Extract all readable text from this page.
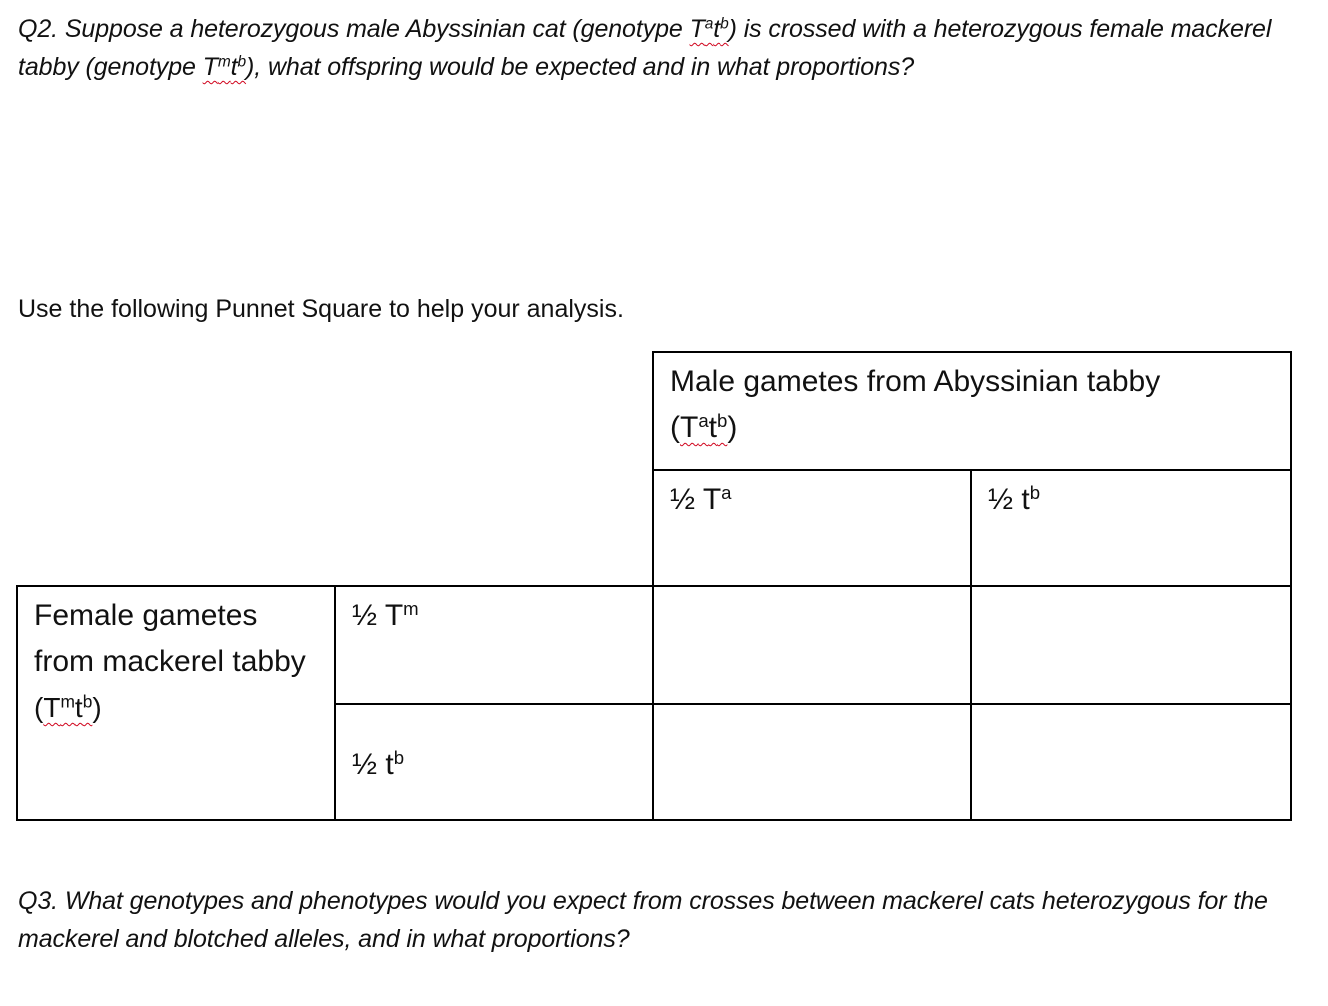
Q2. Suppose a heterozygous male Abyssinian cat (genotype $T^at^b$) is crossed with a heterozygous female mackerel tabby (genotype $T^mt^b$), what offspring would be expected and in what proportions?

Use the following Punnet Square to help your analysis.

		Male gametes from Abyssinian tabby
$(T^at^b)$	
		½ $T^a$	½ $t^b$
Female gametes from mackerel tabby
$(T^mt^b)$	½ $T^m$		
	½ $t^b$		

Q3. What genotypes and phenotypes would you expect from crosses between mackerel cats heterozygous for the mackerel and blotched alleles, and in what proportions?
